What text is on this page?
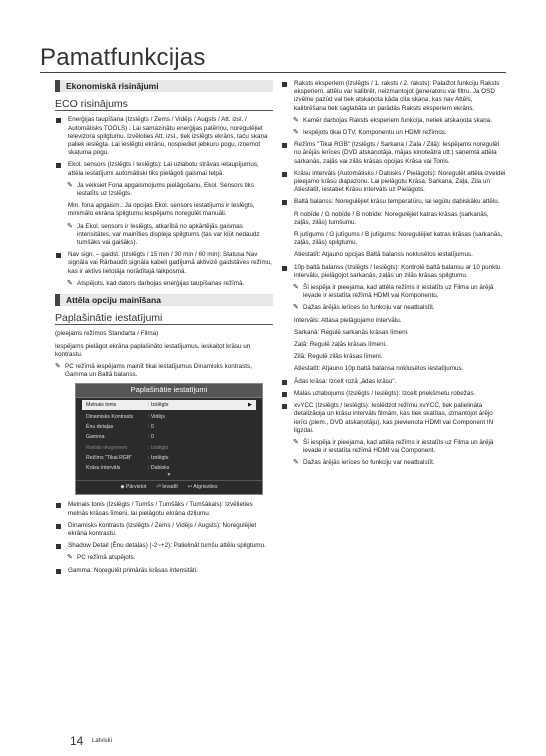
Pamatfunkcijas
Ekonomiskā risinājumi
ECO risinājums
Enerģijas taupīšana (Izslēgts / Zems / Vidējs / Augsts / Att. izsl. / Automātisks TOOLS) : Lai samazinātu enerģijas patēriņu, noregulējiet televizora spilgtumu. Izvēloties Att. izsl., tiek izslēgts ekrāns, taču skaņa paliek ieslēgta. Lai ieslēgtu ekrānu, nospiediet jebkuru pogu, izņemot skaļuma pogu.
Ekol. sensors (Izslēgts / Ieslēgts): Lai uzlabotu strāvas ietaupījumus; attēla iestatījumi automātiski tiks pielāgoti gaismai telpā.
✎ Ja veiksiet Fona apgaismojums pielāgošanu, Ekol. Sensors tiks iestatīts uz Izslēgts.
Min. fona apgaism.: Ja opcijas Ekol. sensors iestatījums ir Ieslēgts, minimālo ekrāna spilgtumu iespējams noregulēt manuāli.
✎ Ja Ekol. sensors ir Ieslēgts, atkarībā no apkārtējās gaismas intensitātes, var mainīties displeja spilgtums (tas var kļūt nedaudz tumšāks vai gaišāks).
Nav sign. – gaidst. (Izslēgts / 15 min / 30 min / 60 min): Statusa Nav signāla vai Rārbaudīt signāla kabeli gadījumā aktivizē gaidstāves režīmu, kas ir aktīvs lietotāja norādītajā laikposmā.
✎ Atspējots, kad dators darbojas enerģijas taupīšanas režīmā.
Attēla opciju mainīšana
Paplašinātie iestatījumi
(pieejams režīmos Standarta / Filma)
Iespējams pielāgot ekrāna paplašināto iestatījumus, ieskaitot krāsu un kontrastu.
✎ PC režīmā iespējams mainīt tikai iestatījumus Dinamisks kontrasts, Gamma un Baltā balanss.
Paplašinātie iestatījumi
Melnais tonis	: Izslēgts	▶
Dinamisks Kontrasts	: Vidējs
Ēnu detaļas	: 0
Gamma	: 0
Raksts eksperiem	: Izslēgts
Režīms "Tikai RGB"	: Izslēgts
Krāsu intervāls	: Dabisks
▼
◆ Pārvietot ⏎ Ievadīt ↩ Atgriezties
Melnais tonis (Izslēgts / Tumšs / Tumšāks / Tumšākais): Izvēlieties melnās krāsas līmeni, lai pielāgotu ekrāna dziļumu.
Dinamisks kontrasts (Izslēgts / Zems / Vidējs / Augsts): Noregulējiet ekrāna kontrastu.
Shadow Detail (Ēnu detaļas) (-2~+2): Palielināt tumšu attēlu spilgtumu.
✎ PC režīmā atspējots.
Gamma: Noregulēt primārās krāsas intensitāti.
Raksts eksperiem (Izslēgts / 1. raksts / 2. raksts): Palaižot funkciju Raksts eksperiem, attēlu var kalibrēt, neizmantojot ģeneratoru vai filtru. Ja OSD izvēlne pazūd vai tiek atskaņota kāda cita skaņa, kas nav Attēls, kalibrēšana tiek saglabāta un parādās Raksts eksperiem ekrāns.
✎ Kamēr darbojas Raksts eksperiem funkcija, netiek atskaņota skaņa.
✎ Iespējots tikai DTV, Komponentu un HDMI režīmos.
Režīms "Tikai RGB" (Izslēgts / Sarkana / Zaļa / Zilā): Iespējams noregulēt no ārējās ierīces (DVD atskaņotāja, mājas kinoteātra utt.) saņemtā attēla sarkanās, zaļās vai zilās krāsas opcijas Krāsa vai Tonis.
Krāsu intervāls (Automātisks / Dabisks / Pielāgots): Noregulēt attēla izveidei pieejamo krāsu diapazonu. Lai pielāgotu Krāsa, Sarkana, Zaļa, Zila un Atiestatīt, iestatiet Krāsu intervāls uz Pielāgots.
Baltā balanss: Noregulējiet krāsu temperatūru, lai iegūtu dabiskāku attēlu.
R nobīde / G nobīde / B nobīde: Noregulējiet katras krāsas (sarkanās, zaļās, zilās) tumšumu.
R jutīgums / G jutīgums / B jutīgums: Noregulējiet katras krāsas (sarkanās, zaļās, zilās) spilgtumu.
Atiestatīt: Atjauno opcijas Baltā balanss noklusētos iestatījumus.
10p baltā balanss (Izslēgts / Ieslēgts): Kontrolē baltā balansu ar 10 punktu intervālu, pielāgojot sarkanās, zaļās un zilās krāsas spilgtumu.
✎ Šī iespēja ir pieejama, kad attēla režīms ir iestatīts uz Filma un ārējā ievade ir iestatīta režīmā HDMI vai Komponentu.
✎ Dažas ārējās ierīces šo funkciju var neatbalstīt.
Intervāls: Atlasa pielāgojamo intervālu.
Sarkanā: Regulē sarkanās krāsas līmeni.
Zaļā: Regulē zaļās krāsas līmeni.
Zilā: Regulē zilās krāsas līmeni.
Atiestatīt: Atjauno 10p baltā balansa noklusētos iestatījumus.
Ādas krāsa: Izcelt rozā „ādas krāsu".
Malas uzlabojums (Izslēgts / Ieslēgts): Izcelt priekšmetu robežas.
xvYCC (Izslēgts / Ieslēgts): Ieslēdzot režīmu xvYCC, tiek palielināta detalizācija un krāsu intervāls filmām, kas tiek skatītas, izmantojot ārējo ierīci (piem., DVD atskaņotāju), kas pievienota HDMI vai Component IN ligzdai.
✎ Šī iespēja ir pieejama, kad attēla režīms ir iestatīts uz Filma un ārējā ievade ir iestatīta režīmā HDMI vai Component.
✎ Dažas ārējās ierīces šo funkciju var neatbalstīt.
14 Latviski
